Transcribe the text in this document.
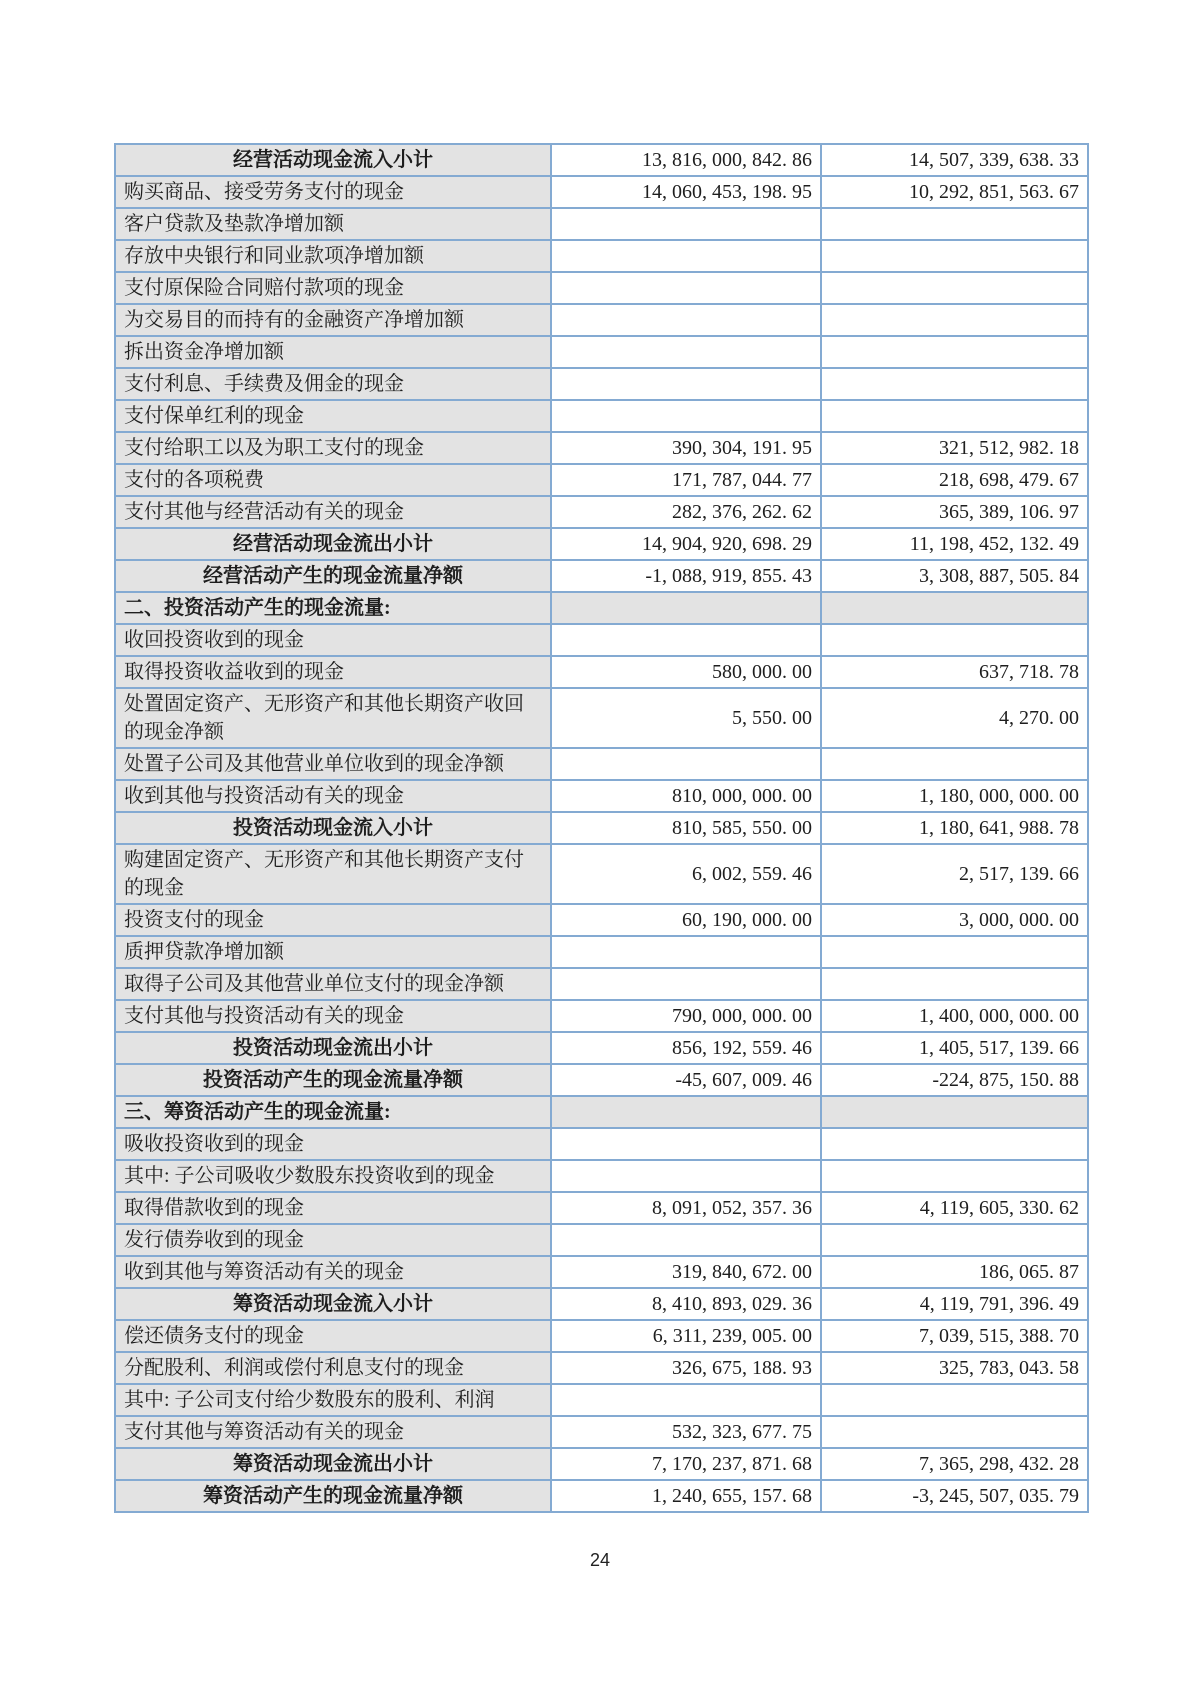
经营活动现金流入小计	13, 816, 000, 842. 86	14, 507, 339, 638. 33
购买商品、接受劳务支付的现金	14, 060, 453, 198. 95	10, 292, 851, 563. 67
客户贷款及垫款净增加额		
存放中央银行和同业款项净增加额		
支付原保险合同赔付款项的现金		
为交易目的而持有的金融资产净增加额		
拆出资金净增加额		
支付利息、手续费及佣金的现金		
支付保单红利的现金		
支付给职工以及为职工支付的现金	390, 304, 191. 95	321, 512, 982. 18
支付的各项税费	171, 787, 044. 77	218, 698, 479. 67
支付其他与经营活动有关的现金	282, 376, 262. 62	365, 389, 106. 97
经营活动现金流出小计	14, 904, 920, 698. 29	11, 198, 452, 132. 49
经营活动产生的现金流量净额	-1, 088, 919, 855. 43	3, 308, 887, 505. 84
二、投资活动产生的现金流量:		
收回投资收到的现金		
取得投资收益收到的现金	580, 000. 00	637, 718. 78
处置固定资产、无形资产和其他长期资产收回的现金净额	5, 550. 00	4, 270. 00
处置子公司及其他营业单位收到的现金净额		
收到其他与投资活动有关的现金	810, 000, 000. 00	1, 180, 000, 000. 00
投资活动现金流入小计	810, 585, 550. 00	1, 180, 641, 988. 78
购建固定资产、无形资产和其他长期资产支付的现金	6, 002, 559. 46	2, 517, 139. 66
投资支付的现金	60, 190, 000. 00	3, 000, 000. 00
质押贷款净增加额		
取得子公司及其他营业单位支付的现金净额		
支付其他与投资活动有关的现金	790, 000, 000. 00	1, 400, 000, 000. 00
投资活动现金流出小计	856, 192, 559. 46	1, 405, 517, 139. 66
投资活动产生的现金流量净额	-45, 607, 009. 46	-224, 875, 150. 88
三、筹资活动产生的现金流量:		
吸收投资收到的现金		
其中: 子公司吸收少数股东投资收到的现金		
取得借款收到的现金	8, 091, 052, 357. 36	4, 119, 605, 330. 62
发行债券收到的现金		
收到其他与筹资活动有关的现金	319, 840, 672. 00	186, 065. 87
筹资活动现金流入小计	8, 410, 893, 029. 36	4, 119, 791, 396. 49
偿还债务支付的现金	6, 311, 239, 005. 00	7, 039, 515, 388. 70
分配股利、利润或偿付利息支付的现金	326, 675, 188. 93	325, 783, 043. 58
其中: 子公司支付给少数股东的股利、利润		
支付其他与筹资活动有关的现金	532, 323, 677. 75	
筹资活动现金流出小计	7, 170, 237, 871. 68	7, 365, 298, 432. 28
筹资活动产生的现金流量净额	1, 240, 655, 157. 68	-3, 245, 507, 035. 79
24
